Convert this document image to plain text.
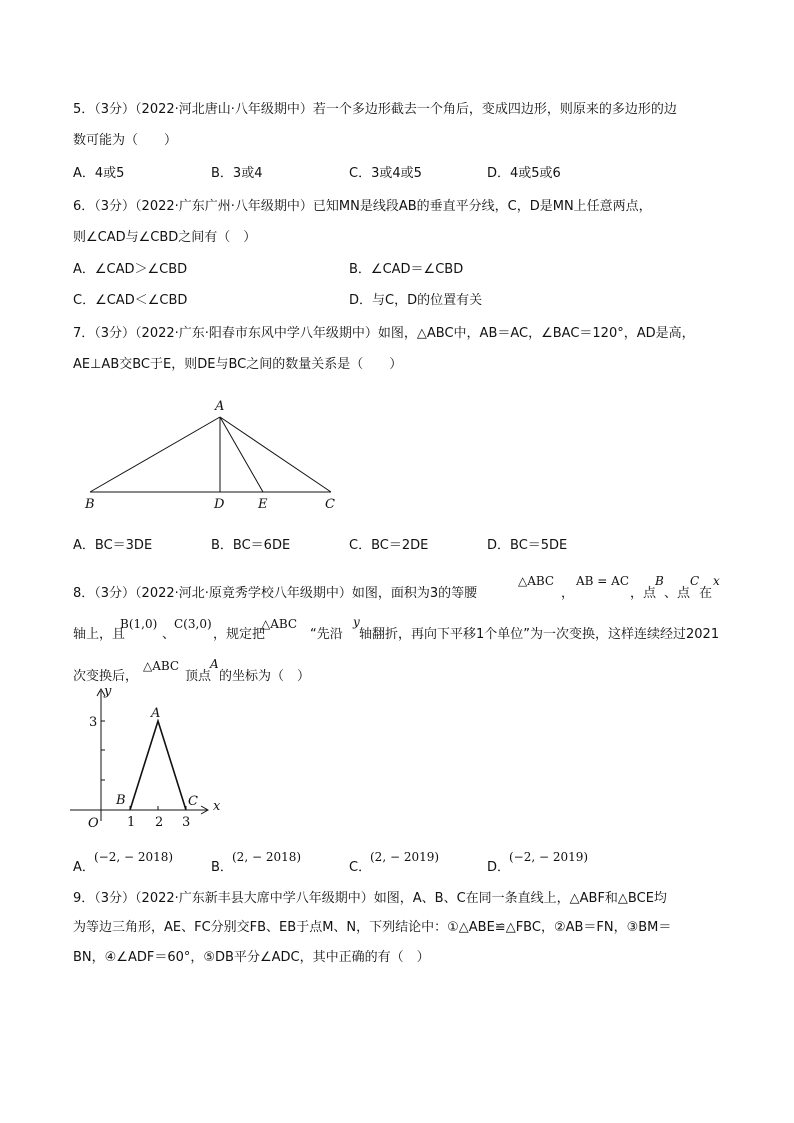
5．（3分）（2022·河北唐山·八年级期中）若一个多边形截去一个角后，变成四边形，则原来的多边形的边
数可能为（　　）
A．4或5	B．3或4	C．3或4或5	D．4或5或6
6．（3分）（2022·广东广州·八年级期中）已知MN是线段AB的垂直平分线，C，D是MN上任意两点，
则∠CAD与∠CBD之间有（　）
A．∠CAD＞∠CBD	B．∠CAD＝∠CBD
C．∠CAD＜∠CBD	D．与C，D的位置有关
7．（3分）（2022·广东·阳春市东风中学八年级期中）如图，△ABC中，AB＝AC，∠BAC＝120°，AD是高，
AE⊥AB交BC于E，则DE与BC之间的数量关系是（　　）
A
B	D	E	C
A．BC＝3DE	B．BC＝6DE	C．BC＝2DE	D．BC＝5DE
8．（3分）（2022·河北·原竟秀学校八年级期中）如图，面积为3的等腰
△ABC
，
AB = AC
，点
B
、点
C
在
x
轴上，且
B(1,0)
、
C(3,0)
，规定把
△ABC
“先沿
y
轴翻折，再向下平移1个单位”为一次变换，这样连续经过2021
次变换后，
△ABC
顶点
A
的坐标为（　）
y
A
3
B	C x
O 1 2 3
A．
(−2, − 2018)
B．
(2, − 2018)
C．
(2, − 2019)
D．
(−2, − 2019)
9．（3分）（2022·广东新丰县大席中学八年级期中）如图，A、B、C在同一条直线上，△ABF和△BCE均
为等边三角形，AE、FC分别交FB、EB于点M、N，下列结论中：①△ABE≌△FBC，②AB＝FN，③BM＝
BN，④∠ADF＝60°，⑤DB平分∠ADC，其中正确的有（　）
